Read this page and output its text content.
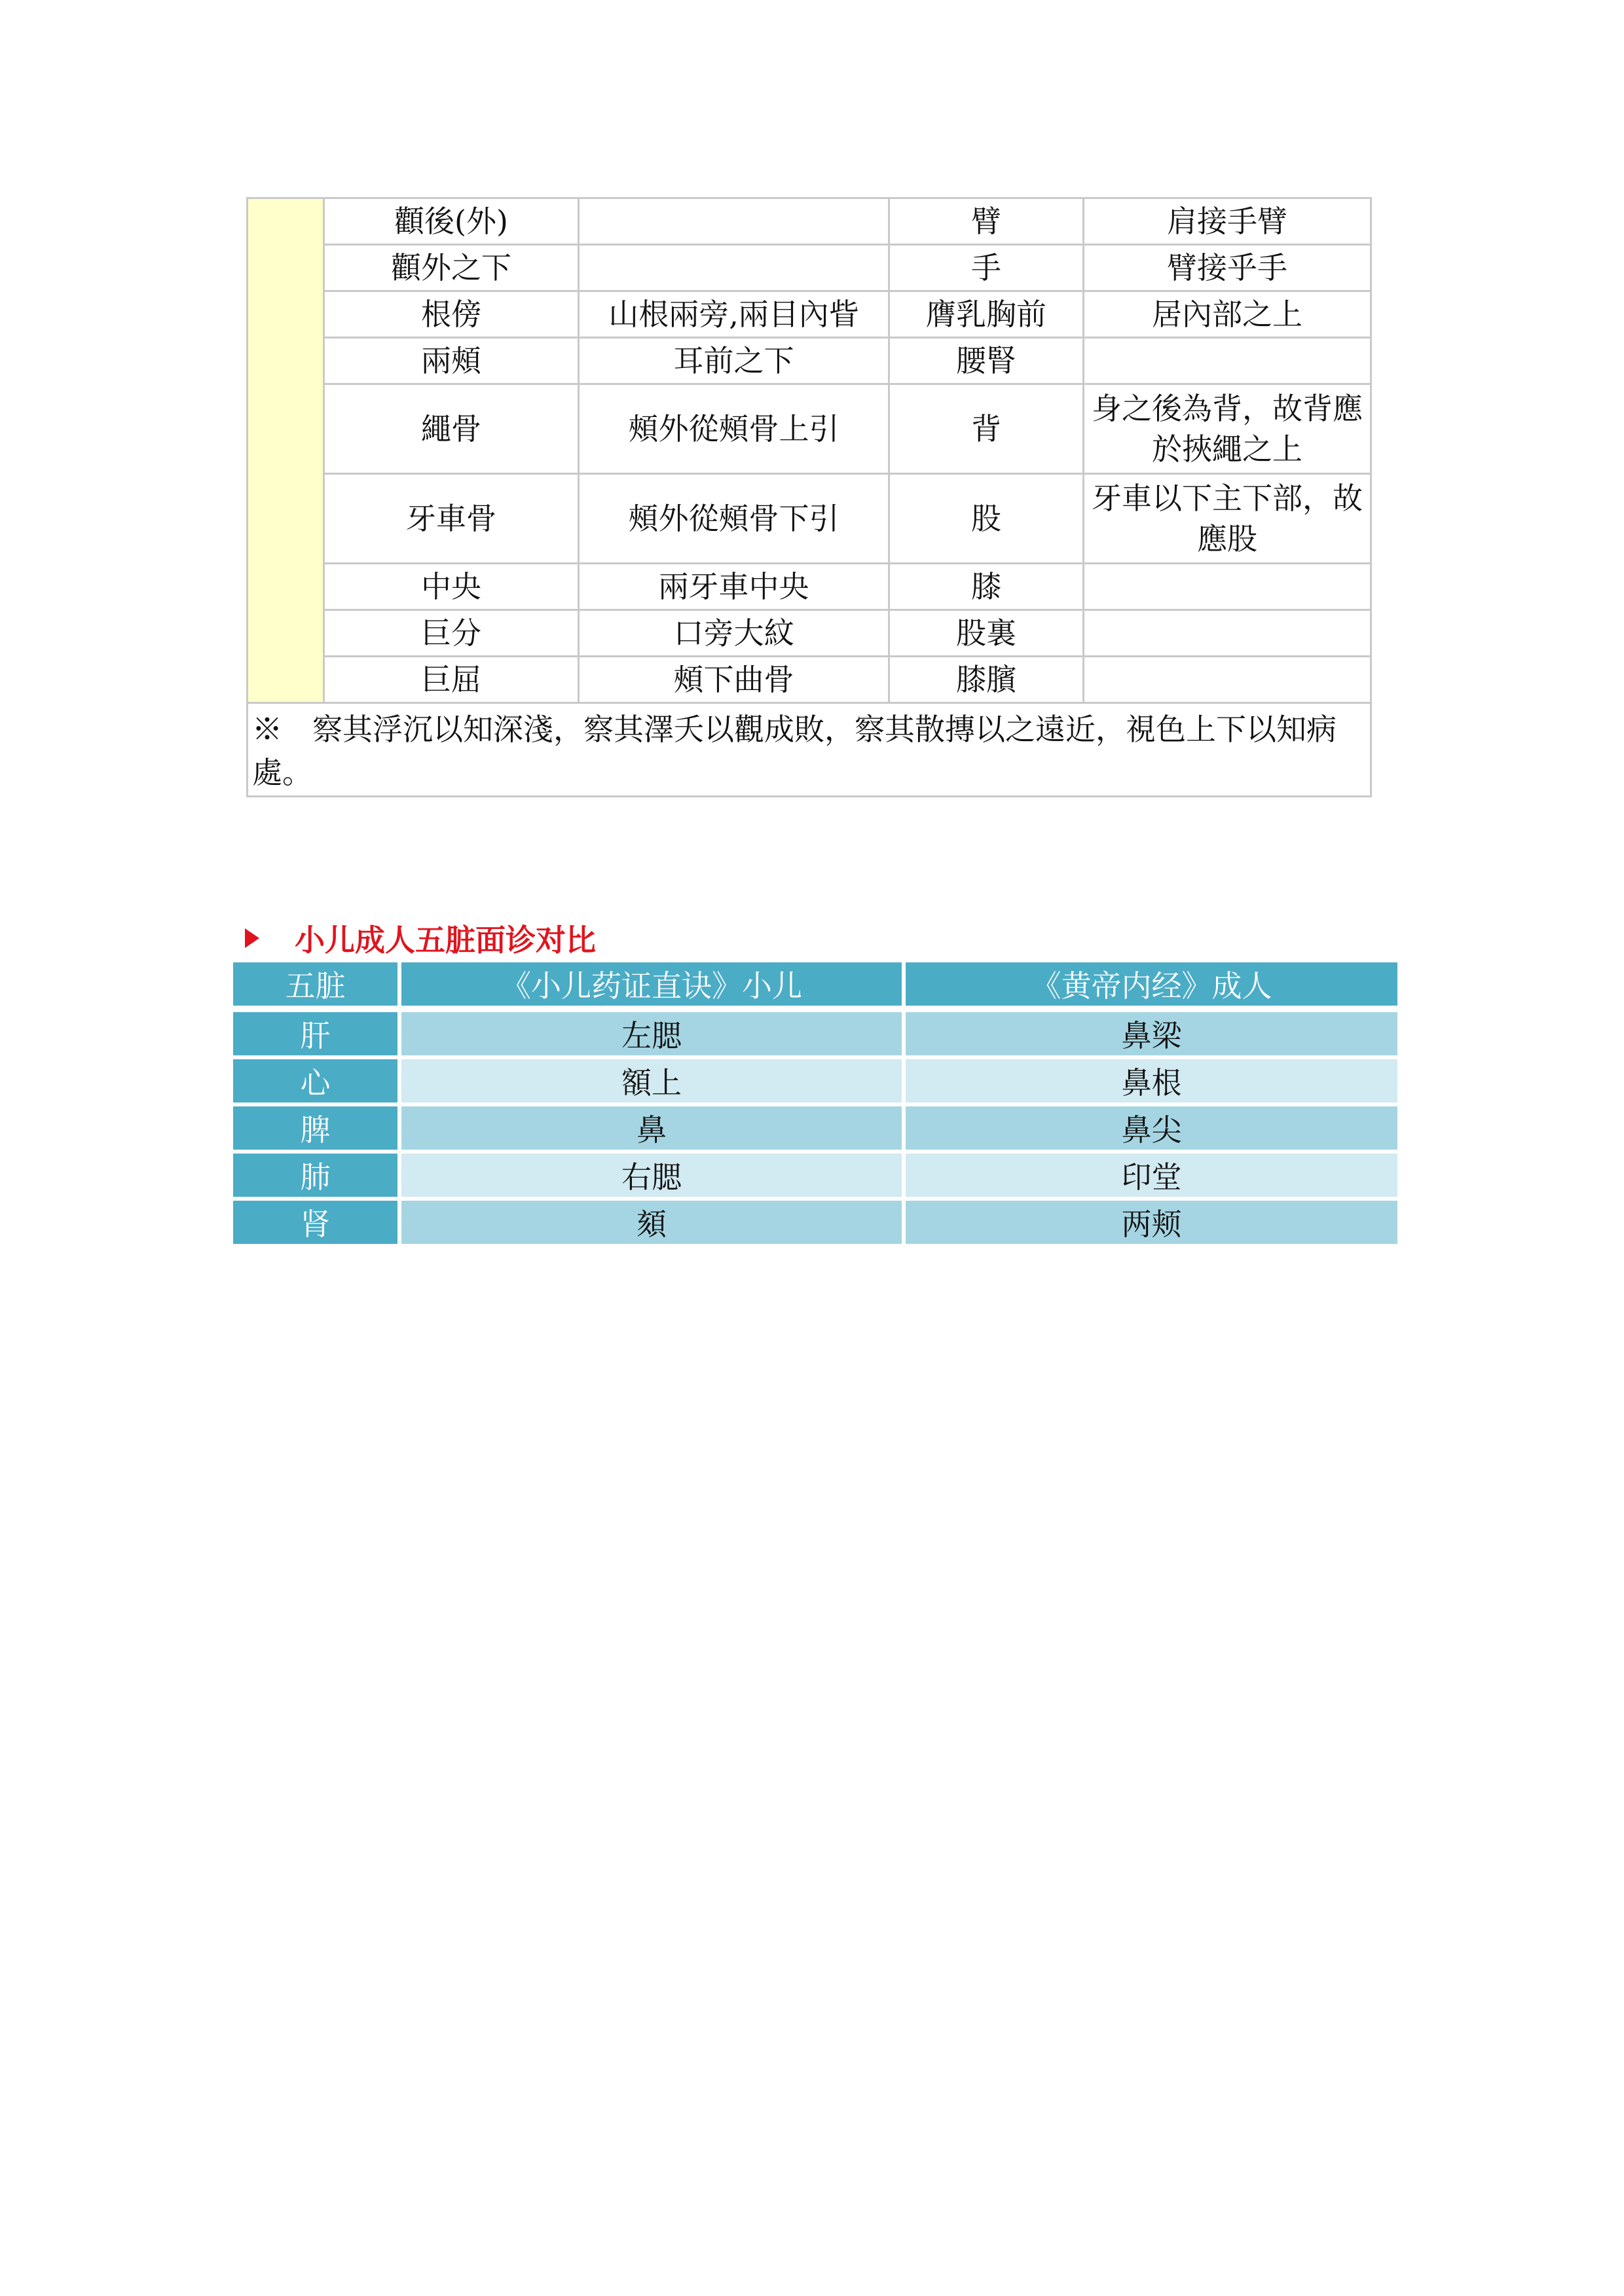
	顴後(外)		臂	肩接手臂
	顴外之下		手	臂接乎手
	根傍	山根兩旁,兩目內眥	膺乳胸前	居內部之上
	兩頰	耳前之下	腰腎	
	繩骨	頰外從頰骨上引	背	身之後為背，故背應於挾繩之上
	牙車骨	頰外從頰骨下引	股	牙車以下主下部，故應股
	中央	兩牙車中央	膝	
	巨分	口旁大紋	股裏	
	巨屈	頰下曲骨	膝臏	
※　察其浮沉以知深淺，察其澤夭以觀成敗，察其散摶以之遠近，視色上下以知病處。				
小儿成人五脏面诊对比
五脏	《小儿药证直诀》小儿	《黄帝内经》成人

肝	左腮	鼻梁
心	額上	鼻根
脾	鼻	鼻尖
肺	右腮	印堂
肾	頦	两颊
